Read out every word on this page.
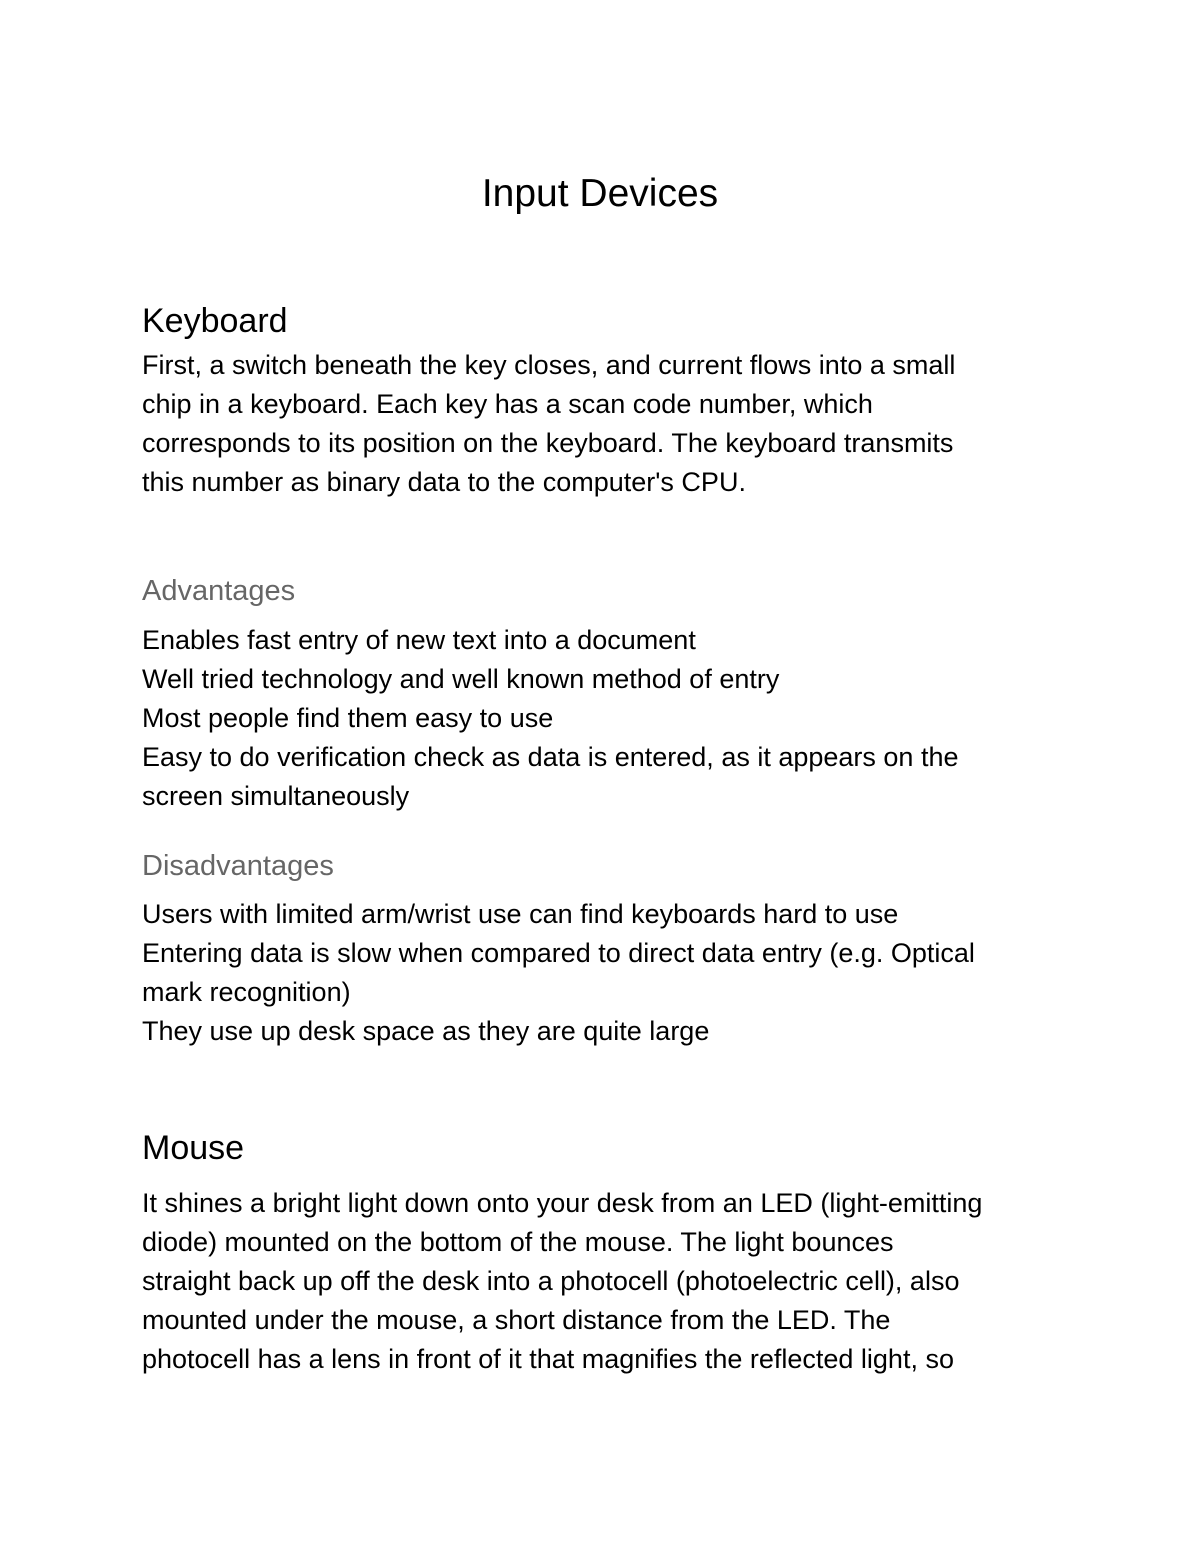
Input Devices
Keyboard

First, a switch beneath the key closes, and current flows into a small
chip in a keyboard. Each key has a scan code number, which
corresponds to its position on the keyboard. The keyboard transmits
this number as binary data to the computer's CPU.

Advantages

Enables fast entry of new text into a document
Well tried technology and well known method of entry
Most people find them easy to use
Easy to do verification check as data is entered, as it appears on the
screen simultaneously

Disadvantages

Users with limited arm/wrist use can find keyboards hard to use
Entering data is slow when compared to direct data entry (e.g. Optical
mark recognition)
They use up desk space as they are quite large

Mouse

It shines a bright light down onto your desk from an LED (light-emitting
diode) mounted on the bottom of the mouse. The light bounces
straight back up off the desk into a photocell (photoelectric cell), also
mounted under the mouse, a short distance from the LED. The
photocell has a lens in front of it that magnifies the reflected light, so
